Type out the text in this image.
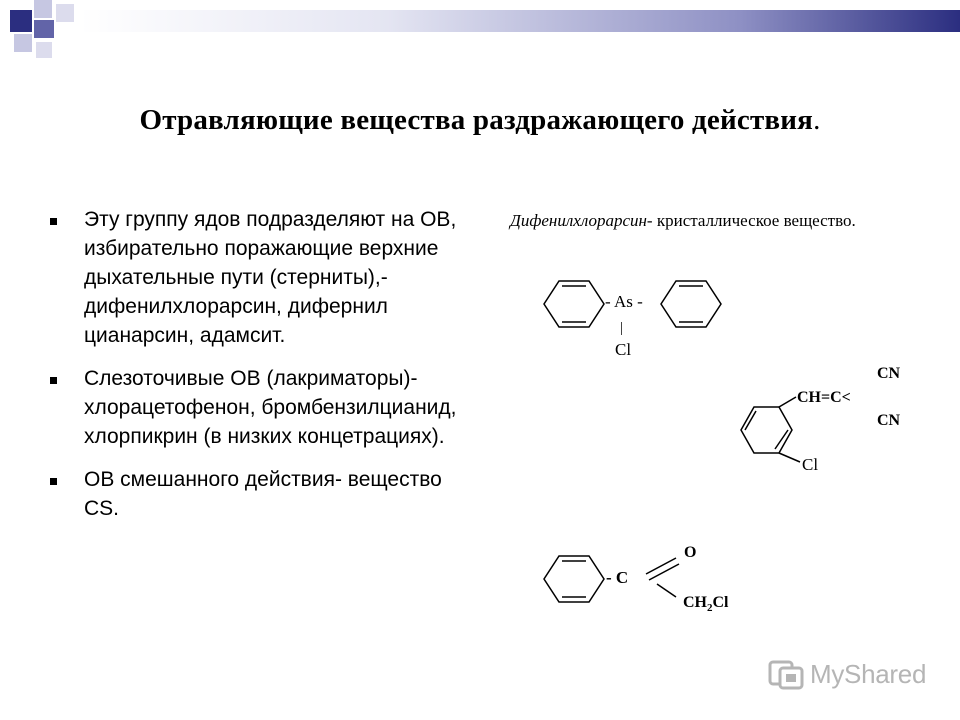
Отравляющие вещества раздражающего действия.
Эту группу ядов подразделяют на ОВ, избирательно поражающие верхние дыхательные пути (стерниты),-дифенилхлорарсин, дифернил цианарсин, адамсит.
Слезоточивые ОВ (лакриматоры)- хлорацетофенон, бромбензилцианид, хлорпикрин (в низких концетрациях).
ОВ смешанного действия- вещество CS.
Дифенилхлорарсин- кристаллическое вещество.
- As -
|
Cl
CH=C<
CN
CN
Cl
- C
O
$CH_2Cl$
MyShared
